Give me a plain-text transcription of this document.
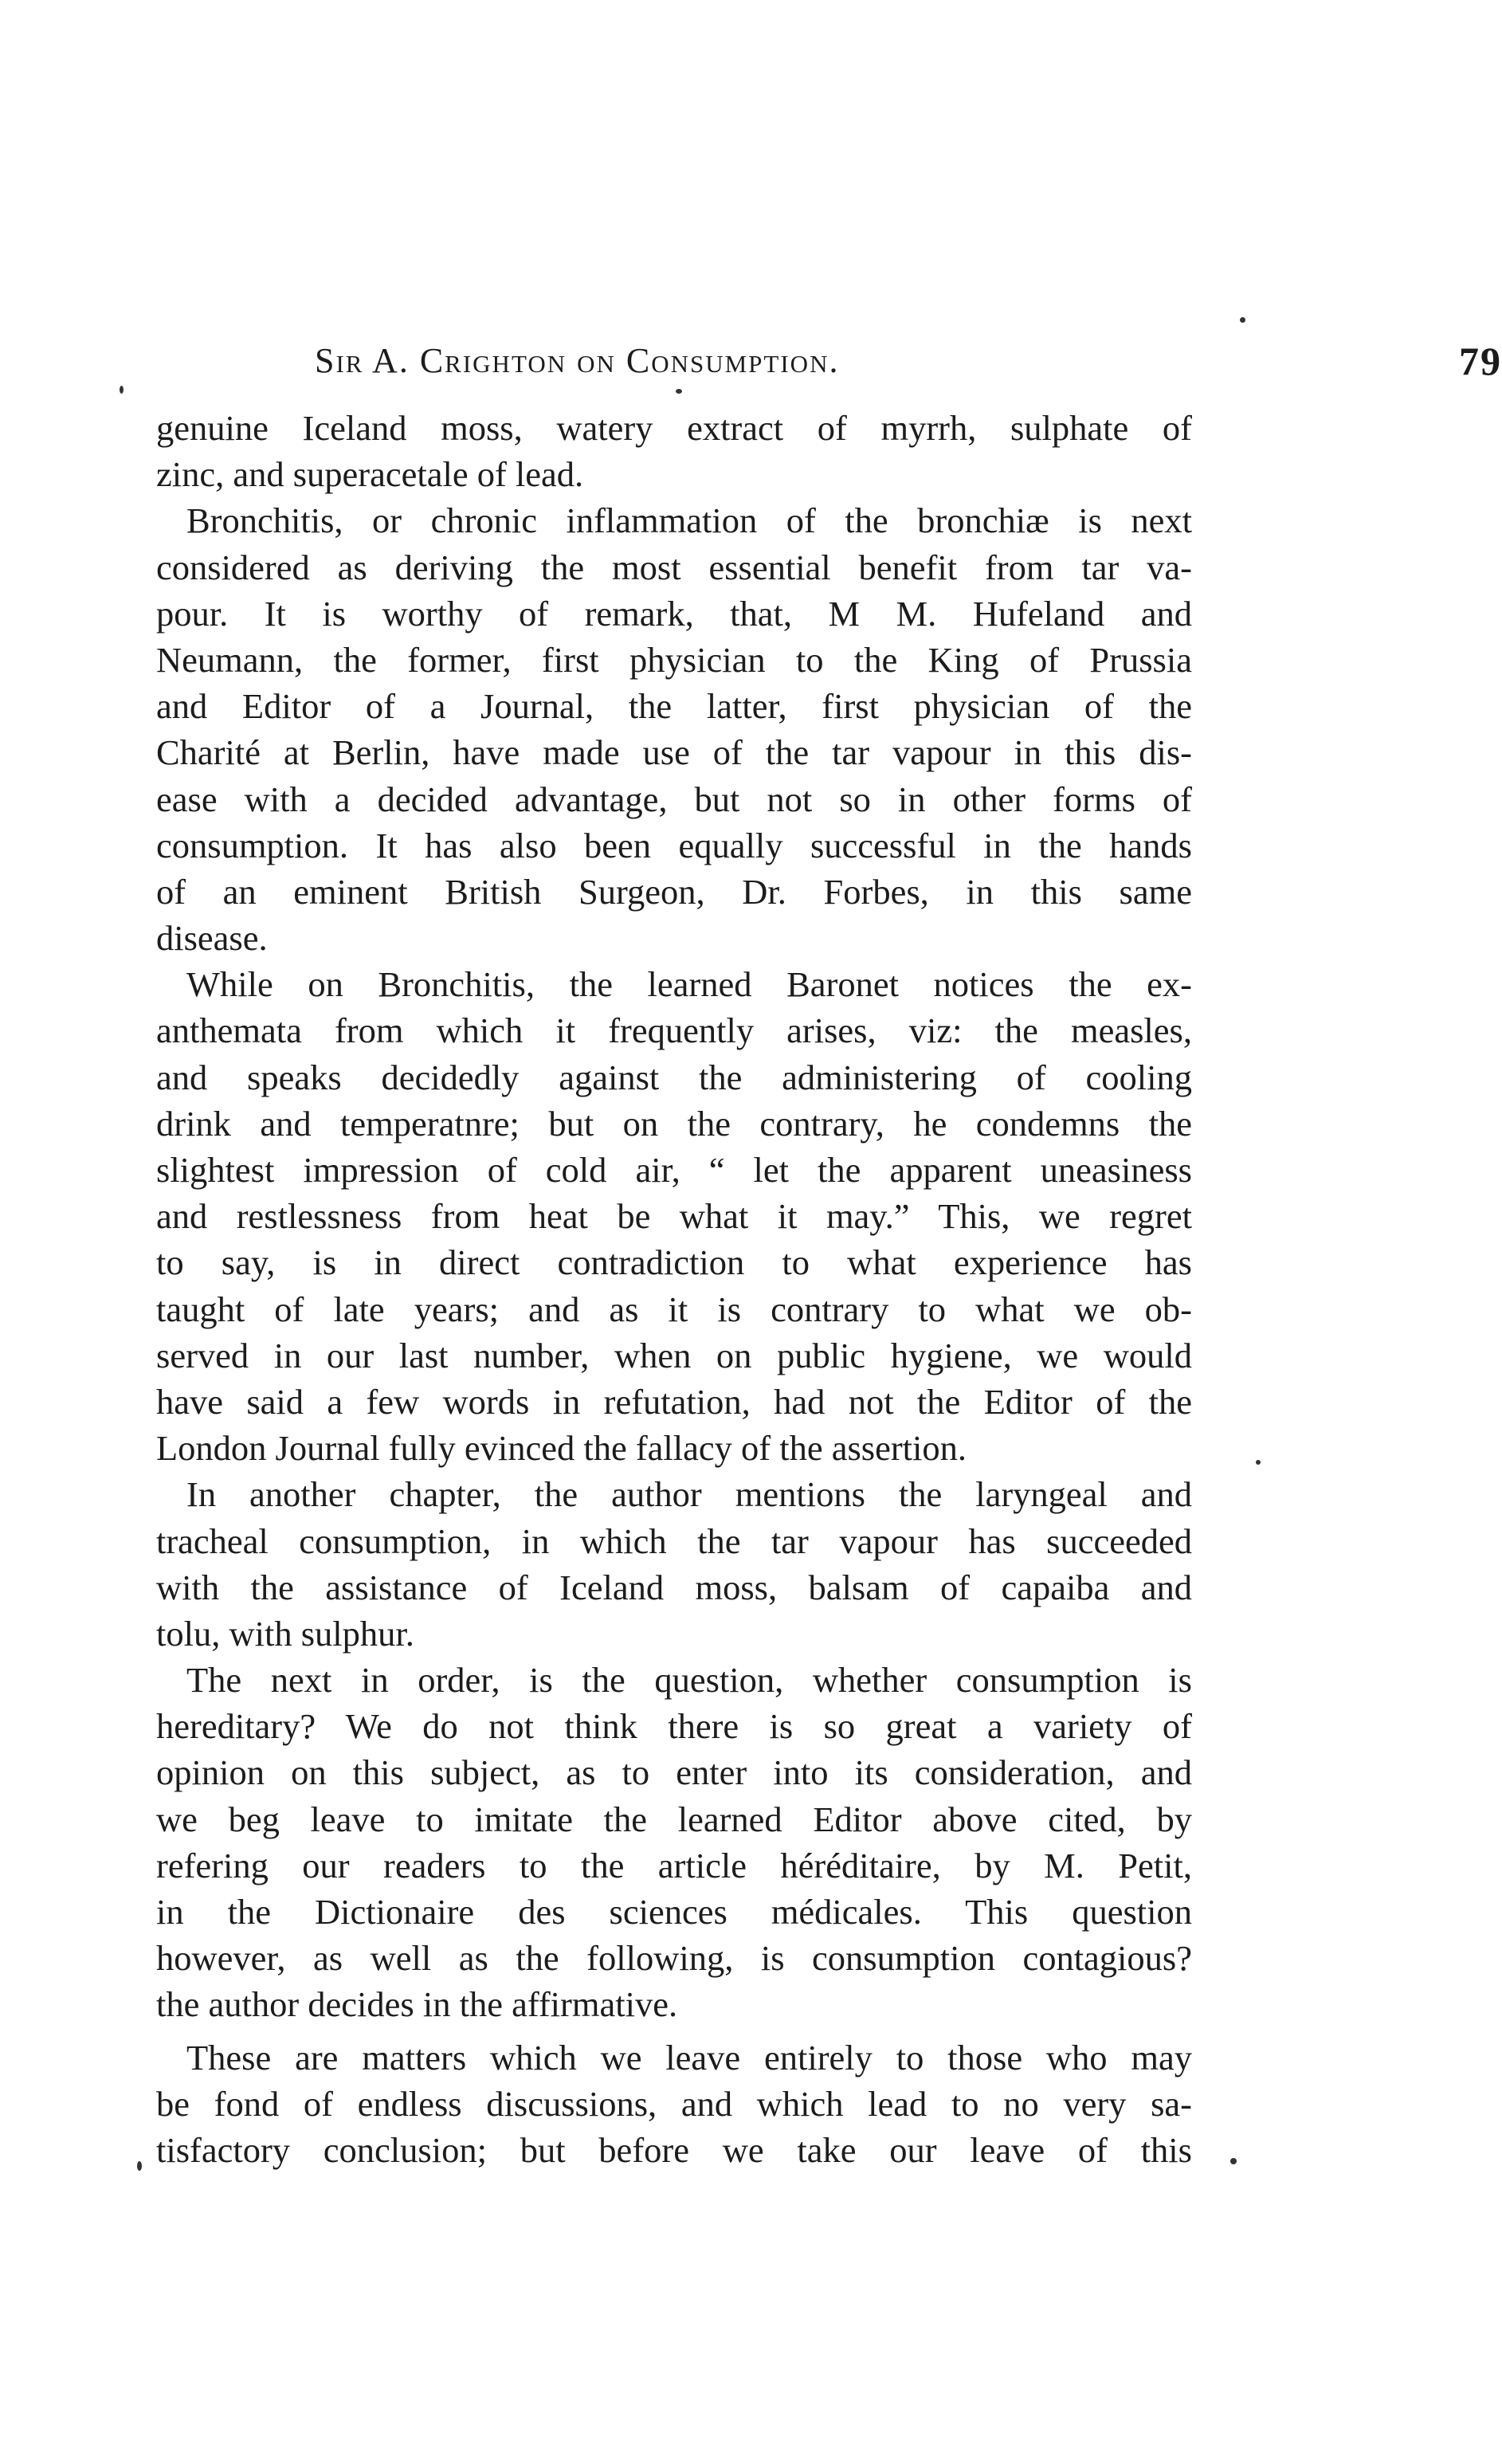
Sir A. Crighton on Consumption.	79
genuine Iceland moss, watery extract of myrrh, sulphate of
zinc, and superacetale of lead.
Bronchitis, or chronic inflammation of the bronchiæ is next
considered as deriving the most essential benefit from tar va-
pour. It is worthy of remark, that, M M. Hufeland and
Neumann, the former, first physician to the King of Prussia
and Editor of a Journal, the latter, first physician of the
Charité at Berlin, have made use of the tar vapour in this dis-
ease with a decided advantage, but not so in other forms of
consumption. It has also been equally successful in the hands
of an eminent British Surgeon, Dr. Forbes, in this same
disease.
While on Bronchitis, the learned Baronet notices the ex-
anthemata from which it frequently arises, viz: the measles,
and speaks decidedly against the administering of cooling
drink and temperatnre; but on the contrary, he condemns the
slightest impression of cold air, “ let the apparent uneasiness
and restlessness from heat be what it may.” This, we regret
to say, is in direct contradiction to what experience has
taught of late years; and as it is contrary to what we ob-
served in our last number, when on public hygiene, we would
have said a few words in refutation, had not the Editor of the
London Journal fully evinced the fallacy of the assertion.
In another chapter, the author mentions the laryngeal and
tracheal consumption, in which the tar vapour has succeeded
with the assistance of Iceland moss, balsam of capaiba and
tolu, with sulphur.
The next in order, is the question, whether consumption is
hereditary? We do not think there is so great a variety of
opinion on this subject, as to enter into its consideration, and
we beg leave to imitate the learned Editor above cited, by
refering our readers to the article héréditaire, by M. Petit,
in the Dictionaire des sciences médicales. This question
however, as well as the following, is consumption contagious?
the author decides in the affirmative.
These are matters which we leave entirely to those who may
be fond of endless discussions, and which lead to no very sa-
tisfactory conclusion; but before we take our leave of this
